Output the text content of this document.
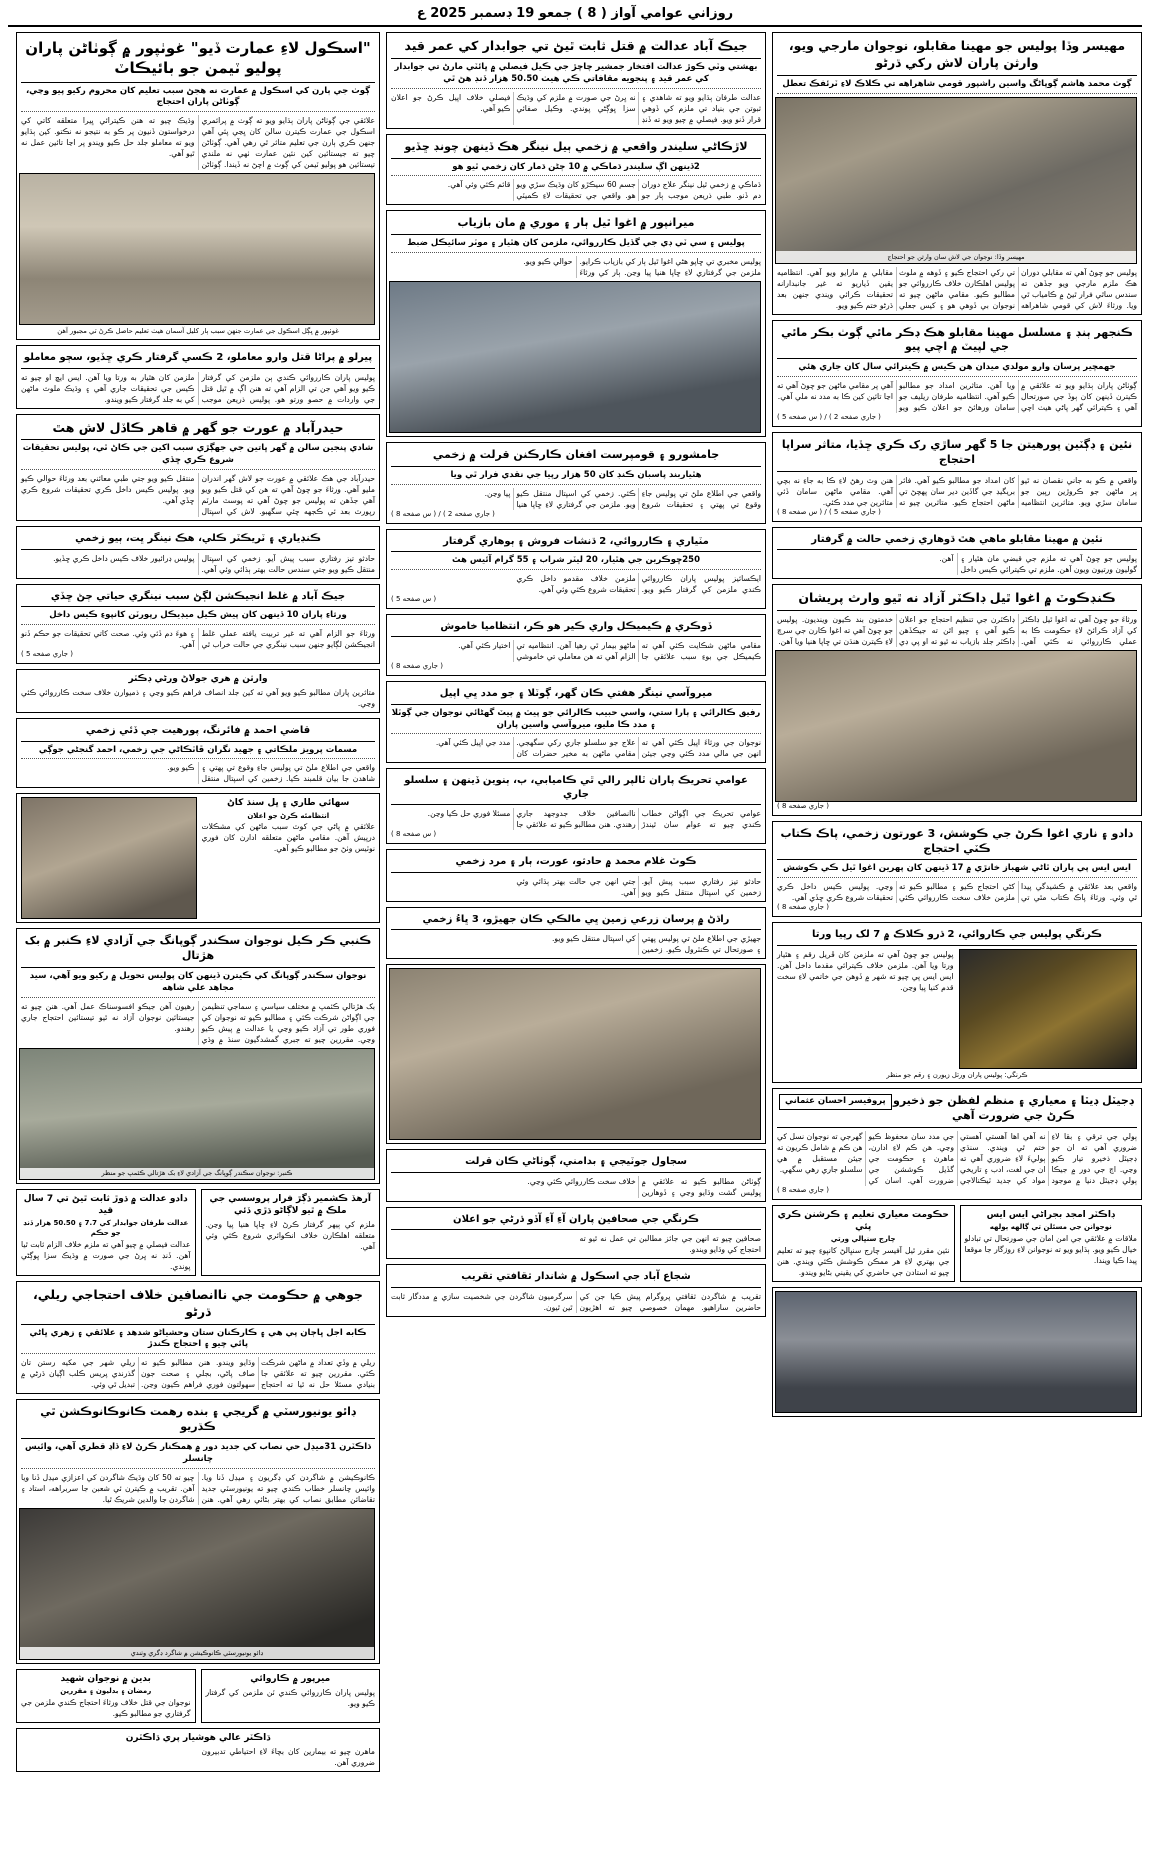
روزاني عوامي آواز ( 8 ) جمعو 19 ڊسمبر 2025 ع
مهيسر وڏا پوليس جو مهينا مقابلو، نوجوان مارجي ويو، وارثن پاران لاش رکي ڌرڻو
ڳوٺ محمد هاشم ڳوپاڻگ واسين راشپور قومي شاهراهه تي ڪلاڪ لاءِ ٽرئفڪ تعطل
مهيسر وڏا: نوجوان جي لاش سان وارثن جو احتجاج
پوليس جو چوڻ آهي ته مقابلي دوران هڪ ملزم مارجي ويو جڏهن ته سندس ساٿي فرار ٿيڻ ۾ ڪامياب ٿي ويا. ورثاءَ لاش کي قومي شاهراهه تي رکي احتجاج ڪيو ۽ ڏوهه ۾ ملوث پوليس اهلڪارن خلاف ڪارروائي جو مطالبو ڪيو. مقامي ماڻهن چيو ته نوجوان بي ڏوهي هو ۽ کيس جعلي مقابلي ۾ مارايو ويو آهي. انتظاميه يقين ڏياريو ته غير جانبدارانه تحقيقات ڪرائي ويندي جنهن بعد ڌرڻو ختم ڪيو ويو.
ڪنجهر ٻنڊ ۽ مسلسل مهينا مقابلو هڪ ڊڪر مائي ڳوٺ بڪر مائي جي لپيٽ ۾ اچي پيو
جهمچير پرسان وارو مولدي ميدان هن ڪيس ۾ ڪيترائي سال کان جاري هئي
ڳوٺاڻن پاران ٻڌايو ويو ته علائقي ۾ ڪيترن ڏينهن کان ٻوڏ جي صورتحال آهي ۽ ڪيترائي گهر پاڻي هيٺ اچي ويا آهن. متاثرين امداد جو مطالبو ڪيو آهي. انتظاميه طرفان ريليف جو سامان ورهائڻ جو اعلان ڪيو ويو آهي پر مقامي ماڻهن جو چوڻ آهي ته اڃا تائين کين ڪا به مدد نه ملي آهي.
( جاري صفحه 2 ) / ( س صفحه 5 )
نئين ۽ ڊڳٽين پورهيتن جا 5 گهر ساڙي رک ڪري ڇڏيا، متاثر سراپا احتجاج
واقعي ۾ ڪو به جاني نقصان نه ٿيو پر ماڻهن جو ڪروڙين رپين جو سامان سڙي ويو. متاثرين انتظاميه کان امداد جو مطالبو ڪيو آهي. فائر بريگيڊ جي گاڏين دير سان پهچڻ تي ماڻهن احتجاج ڪيو. متاثرين چيو ته هنن وٽ رهڻ لاءِ ڪا به جاءِ نه بچي آهي. مقامي ماڻهن سامان ڏئي متاثرين جي مدد ڪئي.
( جاري صفحه 5 ) / ( س صفحه 8 )
نئين ۾ مهينا مقابلو ماهي هٿ ڌوهاري زخمي حالت ۾ گرفتار
پوليس جو چوڻ آهي ته ملزم جي قبضي مان هٿيار ۽ گوليون ورتيون ويون آهن. ملزم تي ڪيترائي ڪيس داخل آهن.
ڪنڊڪوٽ ۾ اغوا ٿيل ڊاڪٽر آزاد نه ٿيو وارث پريشان
ورثاءَ جو چوڻ آهي ته اغوا ٿيل ڊاڪٽر کي آزاد ڪرائڻ لاءِ حڪومت ڪا به عملي ڪارروائي نه ڪئي آهي. ڊاڪٽرن جي تنظيم احتجاج جو اعلان ڪيو آهي ۽ چيو اٿن ته جيڪڏهن ڊاڪٽر جلد بازياب نه ٿيو ته او پي ڊي خدمتون بند ڪيون وينديون. پوليس جو چوڻ آهي ته اغوا ڪارن جي سرچ لاءِ ڪيترن هنڌن تي ڇاپا هنيا ويا آهن.
( جاري صفحه 8 )
دادو ۽ ناري اغوا ڪرڻ جي ڪوشش، 3 عورتون زخمي، پاڪ ڪتاب ڪٽي احتجاج
ايس ايس پي پاران ٿاڻي شهباز خانڙي ۾ 17 ڏينهن کان پهرين اغوا ٿيل ڪي ڪوشش
واقعي بعد علائقي ۾ ڪشيدگي پيدا ٿي وئي. ورثاءَ پاڪ ڪتاب مٿي تي کڻي احتجاج ڪيو ۽ مطالبو ڪيو ته ملزمن خلاف سخت ڪارروائي ڪئي وڃي. پوليس ڪيس داخل ڪري تحقيقات شروع ڪري ڇڏي آهي.
( جاري صفحه 8 )
ڪرنگي پوليس جي ڪاروائي، 2 ڌرو ڪلاڪ ۾ 7 لک رپيا ورتا
پوليس جو چوڻ آهي ته ملزمن کان ڦريل رقم ۽ هٿيار ورتا ويا آهن. ملزمن خلاف ڪيترائي مقدما داخل آهن. ايس ايس پي چيو ته شهر ۾ ڏوهن جي خاتمي لاءِ سخت قدم کنيا پيا وڃن.
ڪرنگي: پوليس پاران ورتل زيورن ۽ رقم جو منظر
پروفيسر احسان عثماني ڊجيٽل ڊيٽا ۽ معياري ۽ منظم لفظن جو ذخيرو ڪرڻ جي ضرورت آهي
ٻولي جي ترقي ۽ بقا لاءِ ضروري آهي ته ان جو ڊجيٽل ذخيرو تيار ڪيو وڃي. اڄ جي دور ۾ جيڪا ٻولي ڊجيٽل دنيا ۾ موجود نه آهي اها آهستي آهستي ختم ٿي ويندي. سنڌي ٻوليءَ لاءِ ضروري آهي ته ان جي لغت، ادب ۽ تاريخي مواد کي جديد ٽيڪنالاجي جي مدد سان محفوظ ڪيو وڃي. هن ڪم لاءِ ادارن، ماهرن ۽ حڪومت جي گڏيل ڪوششن جي ضرورت آهي. اسان کي گهرجي ته نوجوان نسل کي هن ڪم ۾ شامل ڪريون ته جيئن مستقبل ۾ هي سلسلو جاري رهي سگهي.
( جاري صفحه 8 )
ڊاڪٽر امجد بجراڻي ايس ايس
نوجوانن جي مسئلن تي ڳالهه ٻولهه
ملاقات ۾ علائقي جي امن امان جي صورتحال تي تبادلو خيال ڪيو ويو. ٻڌايو ويو ته نوجوانن لاءِ روزگار جا موقعا پيدا ڪيا ويندا.
حڪومت معياري تعليم ۽ ڪرشنن ڪري پئي
چارج سنڀالي ورتي
نئين مقرر ٿيل آفيسر چارج سنڀالڻ کانپوءِ چيو ته تعليم جي بهتري لاءِ هر ممڪن ڪوشش ڪئي ويندي. هنن چيو ته استادن جي حاضري کي يقيني بڻايو ويندو.
جيڪ آباد عدالت ۾ قتل ثابت ٿيڻ تي جوابدار کي عمر قيد
بهشتي وٽي ڪوڙ عدالت افتخار جمشير چاچڙ جي ڪيل فيصلي ۾ ڀائٽي مارڻ تي جوابدار کي عمر قيد ۽ پنجويه مقافاتي ڪي هيٺ 50.50 هزار ڏنڊ هڻ ٿي
عدالت طرفان ٻڌايو ويو ته شاهدي ۽ ثبوتن جي بنياد تي ملزم کي ڏوهي قرار ڏنو ويو. فيصلي ۾ چيو ويو ته ڏنڊ نه ڀرڻ جي صورت ۾ ملزم کي وڌيڪ سزا ڀوڳڻي پوندي. وڪيل صفائي فيصلي خلاف اپيل ڪرڻ جو اعلان ڪيو آهي.
لاڙڪاڻي سليندر واقعي ۾ زخمي ٻيل نينگر هڪ ڏينهن چونڊ ڇڏيو
2ڏينهن اڳ سليندر ڌماڪي ۾ 10 ڄڻن ڌمار کان زخمي ٿيو هو
ڌماڪي ۾ زخمي ٿيل نينگر علاج دوران دم ڏنو. طبي ذريعن موجب ٻار جو جسم 60 سيڪڙو کان وڌيڪ سڙي ويو هو. واقعي جي تحقيقات لاءِ ڪميٽي قائم ڪئي وئي آهي.
ميرانپور ۾ اغوا ٿيل ٻار ۽ موري ۾ مان بازياب
پوليس ۽ سي ٽي ڊي جي گڏيل ڪارروائي، ملزمن کان هٿيار ۽ موٽر سائيڪل ضبط
پوليس مخبري تي ڇاپو هڻي اغوا ٿيل ٻار کي بازياب ڪرايو. ملزمن جي گرفتاري لاءِ ڇاپا هنيا پيا وڃن. ٻار کي ورثاءَ حوالي ڪيو ويو.
جامشورو ۽ قومپرست افغان ڪارڪنن قرلت ۾ زخمي
هٿياربند پاسبان ڪنڊ کان 50 هزار رپيا جي نقدي فرار ٿي ويا
واقعي جي اطلاع ملڻ تي پوليس جاءِ وقوع تي پهتي ۽ تحقيقات شروع ڪئي. زخمي کي اسپتال منتقل ڪيو ويو. ملزمن جي گرفتاري لاءِ ڇاپا هنيا پيا وڃن.
( جاري صفحه 2 ) / ( س صفحه 8 )
مٽياري ۽ ڪارروائي، 2 ڌنشات فروش ۽ ٻوهاري گرفتار
250ڇوڪرين جي هٿيار، 20 ليٽر شراب ۽ 55 گرام آئيس هٿ
ايڪسائيز پوليس پاران ڪارروائي ڪندي ملزمن کي گرفتار ڪيو ويو. ملزمن خلاف مقدمو داخل ڪري تحقيقات شروع ڪئي وئي آهي.
( س صفحه 5 )
ڏوڪري ۾ ڪيميڪل واري ڪير هو ڪر، انتظاميا خاموش
مقامي ماڻهن شڪايت ڪئي آهي ته ڪيميڪل جي بوءِ سبب علائقي جا ماڻهو بيمار ٿي رهيا آهن. انتظاميه تي الزام آهي ته هن معاملي تي خاموشي اختيار ڪئي آهي.
( جاري صفحه 8 )
ميروآسي نينگر هفتي ڪان گهر، ڳوٽلا ۽ جو مدد ڀي اپيل
رفيق ڪالرائي ۽ ٻارا ستي، واسي حبيب ڪالرائي جو پيٽ ۾ پيٽ گهڻائي نوجوان جي ڳوٽلا ۽ مدد ڪا مليو، ميروآسي واسين پاران
نوجوان جي ورثاءَ اپيل ڪئي آهي ته انهن جي مالي مدد ڪئي وڃي جيئن علاج جو سلسلو جاري رکي سگهجي. مقامي ماڻهن به مخير حضرات کان مدد جي اپيل ڪئي آهي.
عوامي تحريڪ پاران ٽالپر رالي ٿي ڪاميابي، ٻ، ٻنوين ڏينهن ۽ سلسلو جاري
عوامي تحريڪ جي اڳواڻن خطاب ڪندي چيو ته عوام سان ٿيندڙ ناانصافين خلاف جدوجهد جاري رهندي. هنن مطالبو ڪيو ته علائقي جا مسئلا فوري حل ڪيا وڃن.
( س صفحه 8 )
ڪوٽ غلام محمد ۾ حادثو، عورت، ٻار ۽ مرد زخمي
حادثو تيز رفتاري سبب پيش آيو. زخمين کي اسپتال منتقل ڪيو ويو جتي انهن جي حالت بهتر ٻڌائي وئي آهي.
راڌڻ ۾ پرسان زرعي زمين ڀي مالڪي ڪان جهيڙو، 3 ڀاءُ زخمي
جهيڙي جي اطلاع ملڻ تي پوليس پهتي ۽ صورتحال تي ڪنٽرول ڪيو. زخمين کي اسپتال منتقل ڪيو ويو.
سجاول جوٽيجي ۽ بدامني، ڳوٺاڻي ڪان قرلت
ڳوٺاڻن مطالبو ڪيو ته علائقي ۾ پوليس گشت وڌايو وڃي ۽ ڏوهارين خلاف سخت ڪارروائي ڪئي وڃي.
ڪرنگي جي صحافين پاران آءِ آءِ آڏو ڌرڻي جو اعلان
صحافين چيو ته انهن جي جائز مطالبن تي عمل نه ٿيو ته احتجاج کي وڌايو ويندو.
شجاع آباد جي اسڪول ۾ شاندار ثقافتي تقريب
تقريب ۾ شاگردن ثقافتي پروگرام پيش ڪيا جن کي حاضرين ساراهيو. مهمان خصوصي چيو ته اهڙيون سرگرميون شاگردن جي شخصيت سازي ۾ مددگار ثابت ٿين ٿيون.
"اسڪول لاءِ عمارت ڏيو" غوٺپور ۾ ڳوٺاڻن پاران پوليو ٽيمن جو بائيڪاٽ
ڳوٺ جي ٻارن کي اسڪول ۾ عمارت نه هجڻ سبب تعليم کان محروم رکيو پيو وڃي، ڳوٺاڻن پاران احتجاج
علائقي جي ڳوٺاڻن پاران ٻڌايو ويو ته ڳوٺ ۾ پرائمري اسڪول جي عمارت ڪيترن سالن کان ڀڃي پئي آهي جنهن ڪري ٻارن جي تعليم متاثر ٿي رهي آهي. ڳوٺاڻن چيو ته جيستائين کين نئين عمارت ٺهي نه ملندي تيستائين هو پوليو ٽيمن کي ڳوٺ ۾ اچڻ نه ڏيندا. ڳوٺاڻن وڌيڪ چيو ته هنن ڪيترائي ڀيرا متعلقه کاتي کي درخواستون ڏنيون پر ڪو به نتيجو نه نڪتو. کين ٻڌايو ويو ته معاملو جلد حل ڪيو ويندو پر اڃا تائين عمل نه ٿيو آهي.
غوٺپور ۾ ڀڳل اسڪول جي عمارت جنهن سبب ٻار کليل آسمان هيٺ تعليم حاصل ڪرڻ تي مجبور آهن
پيرلو ۾ پراڻا قتل وارو معاملو، 2 ڪسي گرفتار ڪري ڇڏيو، سڄو معاملو
پوليس پاران ڪارروائي ڪندي ٻن ملزمن کي گرفتار ڪيو ويو آهي جن تي الزام آهي ته هنن اڳ ۾ ٿيل قتل جي واردات ۾ حصو ورتو هو. پوليس ذريعن موجب ملزمن کان هٿيار به ورتا ويا آهن. ايس ايڇ او چيو ته ڪيس جي تحقيقات جاري آهي ۽ وڌيڪ ملوث ماڻهن کي به جلد گرفتار ڪيو ويندو.
حيدرآباد ۾ عورت جو گهر ۾ قاهر ڪاڏل لاش هٿ
شادي پنجين سالن ۾ گهر ڀاتين جي جهڳڙي سبب اکين جي ڪاڻ ٿي، پوليس تحقيقات شروع ڪري ڇڏي
حيدرآباد جي هڪ علائقي ۾ عورت جو لاش گهر اندران مليو آهي. ورثاءَ جو چوڻ آهي ته هن کي قتل ڪيو ويو آهي جڏهن ته پوليس جو چوڻ آهي ته پوسٽ مارٽم رپورٽ بعد ئي ڪجهه چئي سگهبو. لاش کي اسپتال منتقل ڪيو ويو جتي طبي معائني بعد ورثاءَ حوالي ڪيو ويو. پوليس ڪيس داخل ڪري تحقيقات شروع ڪري ڇڏي آهي.
ڪنڊياري ۽ ٽريڪٽر ڪلي، هڪ نينگر ڀت، ٻيو زخمي
حادثو تيز رفتاري سبب پيش آيو. زخمي کي اسپتال منتقل ڪيو ويو جتي سندس حالت بهتر ٻڌائي وئي آهي. پوليس ڊرائيور خلاف ڪيس داخل ڪري ڇڏيو.
جيڪ آباد ۾ غلط انجيڪشن لڳڻ سبب نينگري حياتي ڄڻ ڇڏي
ورثاءِ پاران 10 ڏينهن کان پيش ڪيل ميڊيڪل رپورٽن کانپوءِ ڪيس داخل
ورثاءَ جو الزام آهي ته غير تربيت يافته عملي غلط انجيڪشن لڳايو جنهن سبب نينگري جي حالت خراب ٿي ۽ هوءَ دم ڏئي وئي. صحت کاتي تحقيقات جو حڪم ڏنو آهي.
( جاري صفحه 5 )
وارثن ۾ هري جولاڻ ورڻي ڊڪٽر
متاثرين پاران مطالبو ڪيو ويو آهي ته کين جلد انصاف فراهم ڪيو وڃي ۽ ذميوارن خلاف سخت ڪارروائي ڪئي وڃي.
قاضي احمد ۾ فائرنگ، پورهيت جي ڏئي زخمي
مسمات پرويز ملڪاتي ۽ جهيد نگران ڦاٽڪاڻي جي زخمي، احمد گنجڻي جوڳي
واقعي جي اطلاع ملڻ تي پوليس جاءِ وقوع تي پهتي ۽ شاهدن جا بيان قلمبند ڪيا. زخمين کي اسپتال منتقل ڪيو ويو.
سهائي طاري ۽ ڀل سنڌ کاڻ
انتظامئه ڪرڻ جو اعلان
علائقي ۾ پاڻي جي کوٽ سبب ماڻهن کي مشڪلات درپيش آهن. مقامي ماڻهن متعلقه ادارن کان فوري نوٽيس وٺڻ جو مطالبو ڪيو آهي.
ڪنبي ڪر ڪيل نوجوان سڪندر ڳوپانگ جي آزادي لاءِ ڪنبر ۾ بک هڙتال
نوجوان سڪندر ڳوپانگ کي ڪيترن ڏينهن کان پوليس تحويل ۾ رکيو ويو آهي، سيد مجاهد علي شاهه
بک هڙتالي ڪئمپ ۾ مختلف سياسي ۽ سماجي تنظيمن جي اڳواڻن شرڪت ڪئي ۽ مطالبو ڪيو ته نوجوان کي فوري طور تي آزاد ڪيو وڃي يا عدالت ۾ پيش ڪيو وڃي. مقررين چيو ته جبري گمشدگيون سنڌ ۾ وڌي رهيون آهن جيڪو افسوسناڪ عمل آهي. هنن چيو ته جيستائين نوجوان آزاد نه ٿيو تيستائين احتجاج جاري رهندو.
ڪنبر: نوجوان سڪندر ڳوپانگ جي آزادي لاءِ بک هڙتالي ڪئمپ جو منظر
آرهڏ ڪشمير ڌڳڙ فرار پروسسي جي ملڪ ۾ ٿيو لاڳاڻو ڌڙي ڏئي
ملزم کي ٻيهر گرفتار ڪرڻ لاءِ ڇاپا هنيا پيا وڃن. متعلقه اهلڪارن خلاف انڪوائري شروع ڪئي وئي آهي.
دادو عدالت ۾ ڌوڙ ثابت ٿيڻ تي 7 سال قيد
عدالت طرفان جوابدار کي 7.7 ۽ 50.50 هزار ڏنڊ جو حڪم
عدالت فيصلي ۾ چيو آهي ته ملزم خلاف الزام ثابت ٿيا آهن. ڏنڊ نه ڀرڻ جي صورت ۾ وڌيڪ سزا ڀوڳڻي پوندي.
جوهي ۾ حڪومت جي ناانصافين خلاف احتجاجي ريلي، ڌرڻو
ڪابه اجل ڀاڄان پي هي ۽ ڪارڪنان ستان وحشياڻو شدهد ۽ علائقي ۽ زهري ڀاڻي پائي چيو ۽ احتجاج ڪندڙ
ريلي ۾ وڏي تعداد ۾ ماڻهن شرڪت ڪئي. مقررين چيو ته علائقي جا بنيادي مسئلا حل نه ٿيا ته احتجاج وڌايو ويندو. هنن مطالبو ڪيو ته صاف پاڻي، بجلي ۽ صحت جون سهولتون فوري فراهم ڪيون وڃن. ريلي شهر جي مکيه رستن تان گذرندي پريس ڪلب اڳيان ڌرڻي ۾ تبديل ٿي وئي.
ڊائو يونيورسٽي ۾ گريجي ۽ بنده رهمت ڪانوڪانوڪشن ٿي ڪڌريو
ڌاڪٽرن 31ميڊل حي نصاب کي جديد دور ۾ همڪنار ڪرڻ لاءِ ڏاڍ قطري آهي، وائيس چانسلر
ڪانوڪيشن ۾ شاگردن کي ڊگريون ۽ ميڊل ڏنا ويا. وائيس چانسلر خطاب ڪندي چيو ته يونيورسٽي جديد تقاضائن مطابق نصاب کي بهتر بڻائي رهي آهي. هنن چيو ته 50 کان وڌيڪ شاگردن کي اعزازي ميڊل ڏنا ويا آهن. تقريب ۾ ڪيترن ئي شعبن جا سربراهه، استاد ۽ شاگردن جا والدين شريڪ ٿيا.
ڊائو يونيورسٽي ڪانوڪيشن ۾ شاگرد ڊگري وٺندي
ميرپور ۾ ڪاروائي
پوليس پاران ڪارروائي ڪندي ٽن ملزمن کي گرفتار ڪيو ويو.
بدين ۾ نوجوان شهيد
رمضان ۽ بدليون ۽ مقررين
نوجوان جي قتل خلاف ورثاءَ احتجاج ڪندي ملزمن جي گرفتاري جو مطالبو ڪيو.
ڌاڪٽر عالي هوشيار پري ڌاڪٽرن
ماهرن چيو ته بيمارين کان بچاءَ لاءِ احتياطي تدبيرون ضروري آهن.
